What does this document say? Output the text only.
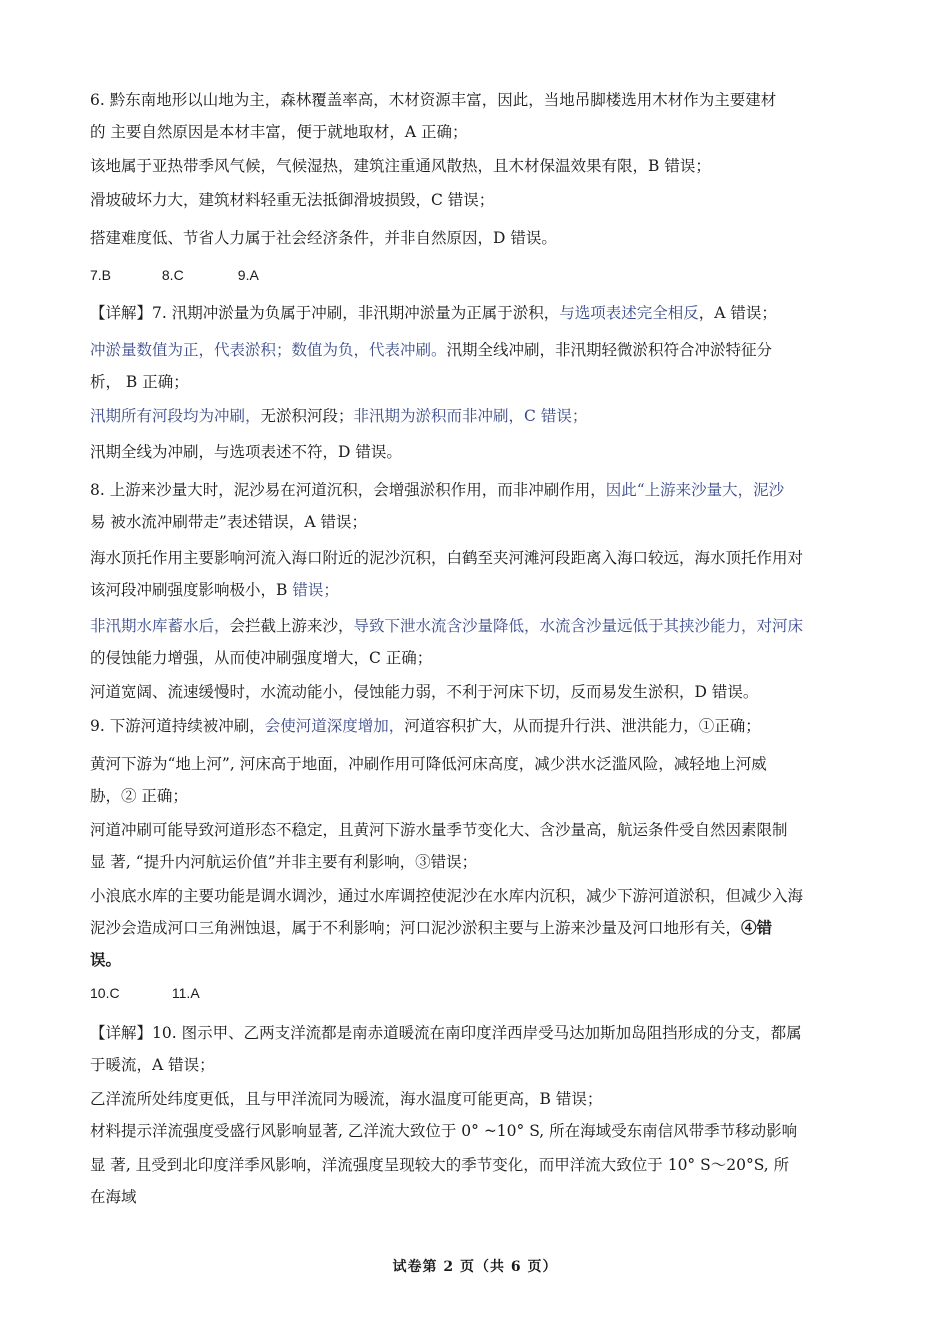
6. 黔东南地形以山地为主，森林覆盖率高，木材资源丰富，因此，当地吊脚楼选用木材作为主要建材
的 主要自然原因是本材丰富，便于就地取材，A 正确；
该地属于亚热带季风气候，气候湿热，建筑注重通风散热，且木材保温效果有限，B 错误；
滑坡破坏力大，建筑材料轻重无法抵御滑坡损毁，C 错误；
搭建难度低、节省人力属于社会经济条件，并非自然原因，D 错误。
【详解】7. 汛期冲淤量为负属于冲刷，非汛期冲淤量为正属于淤积，与选项表述完全相反，A 错误；
冲淤量数值为正，代表淤积；数值为负，代表冲刷。汛期全线冲刷，非汛期轻微淤积符合冲淤特征分
析， B 正确；
汛期所有河段均为冲刷，无淤积河段；非汛期为淤积而非冲刷，C 错误；
汛期全线为冲刷，与选项表述不符，D 错误。
8. 上游来沙量大时，泥沙易在河道沉积，会增强淤积作用，而非冲刷作用，因此“上游来沙量大，泥沙
易 被水流冲刷带走”表述错误，A 错误；
海水顶托作用主要影响河流入海口附近的泥沙沉积，白鹤至夹河滩河段距离入海口较远，海水顶托作用对
该河段冲刷强度影响极小，B 错误；
非汛期水库蓄水后，会拦截上游来沙，导致下泄水流含沙量降低，水流含沙量远低于其挟沙能力，对河床
的侵蚀能力增强，从而使冲刷强度增大，C 正确；
河道宽阔、流速缓慢时，水流动能小，侵蚀能力弱，不利于河床下切，反而易发生淤积，D 错误。
9. 下游河道持续被冲刷，会使河道深度增加，河道容积扩大，从而提升行洪、泄洪能力，①正确；
黄河下游为“地上河”, 河床高于地面，冲刷作用可降低河床高度，减少洪水泛滥风险，减轻地上河威
胁，② 正确；
河道冲刷可能导致河道形态不稳定，且黄河下游水量季节变化大、含沙量高，航运条件受自然因素限制
显 著, “提升内河航运价值”并非主要有利影响，③错误；
小浪底水库的主要功能是调水调沙，通过水库调控使泥沙在水库内沉积，减少下游河道淤积，但减少入海
泥沙会造成河口三角洲蚀退，属于不利影响；河口泥沙淤积主要与上游来沙量及河口地形有关，④错
误。
【详解】10. 图示甲、乙两支洋流都是南赤道暖流在南印度洋西岸受马达加斯加岛阻挡形成的分支，都属
于暖流，A 错误；
乙洋流所处纬度更低，且与甲洋流同为暖流，海水温度可能更高，B 错误；
材料提示洋流强度受盛行风影响显著, 乙洋流大致位于 0° ~10° S, 所在海域受东南信风带季节移动影响
显 著, 且受到北印度洋季风影响，洋流强度呈现较大的季节变化，而甲洋流大致位于 10° S～20°S, 所
在海域
7.B	8.C	9.A
10.C	11.A
试卷第 2 页（共 6 页）
